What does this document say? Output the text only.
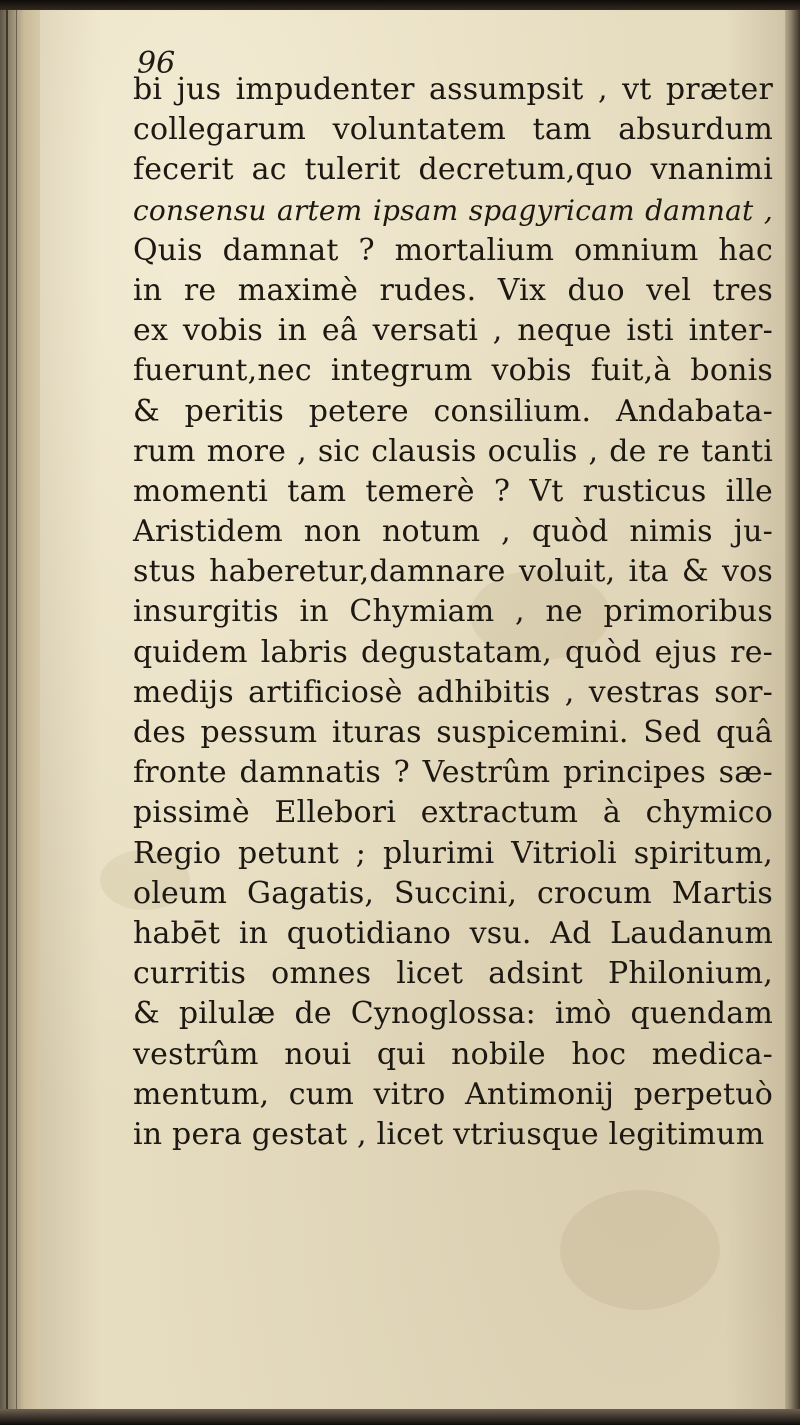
96

bi jus impudenter assumpsit , vt præter
collegarum voluntatem tam absurdum
fecerit ac tulerit decretum,quo vnanimi
consensu artem ipsam spagyricam damnat ,
Quis damnat ? mortalium omnium hac
in re maximè rudes. Vix duo vel tres
ex vobis in eâ versati , neque isti inter-
fuerunt,nec integrum vobis fuit,à bonis
& peritis petere consilium. Andabata-
rum more , sic clausis oculis , de re tanti
momenti tam temerè ? Vt rusticus ille
Aristidem non notum , quòd nimis ju-
stus haberetur,damnare voluit, ita & vos
insurgitis in Chymiam , ne primoribus
quidem labris degustatam, quòd ejus re-
medijs artificiosè adhibitis , vestras sor-
des pessum ituras suspicemini. Sed quâ
fronte damnatis ? Vestrûm principes sæ-
pissimè Ellebori extractum à chymico
Regio petunt ; plurimi Vitrioli spiritum,
oleum Gagatis, Succini, crocum Martis
habēt in quotidiano vsu. Ad Laudanum
curritis omnes licet adsint Philonium,
& pilulæ de Cynoglossa: imò quendam
vestrûm noui qui nobile hoc medica-
mentum, cum vitro Antimonij perpetuò
in pera gestat , licet vtriusque legitimum
